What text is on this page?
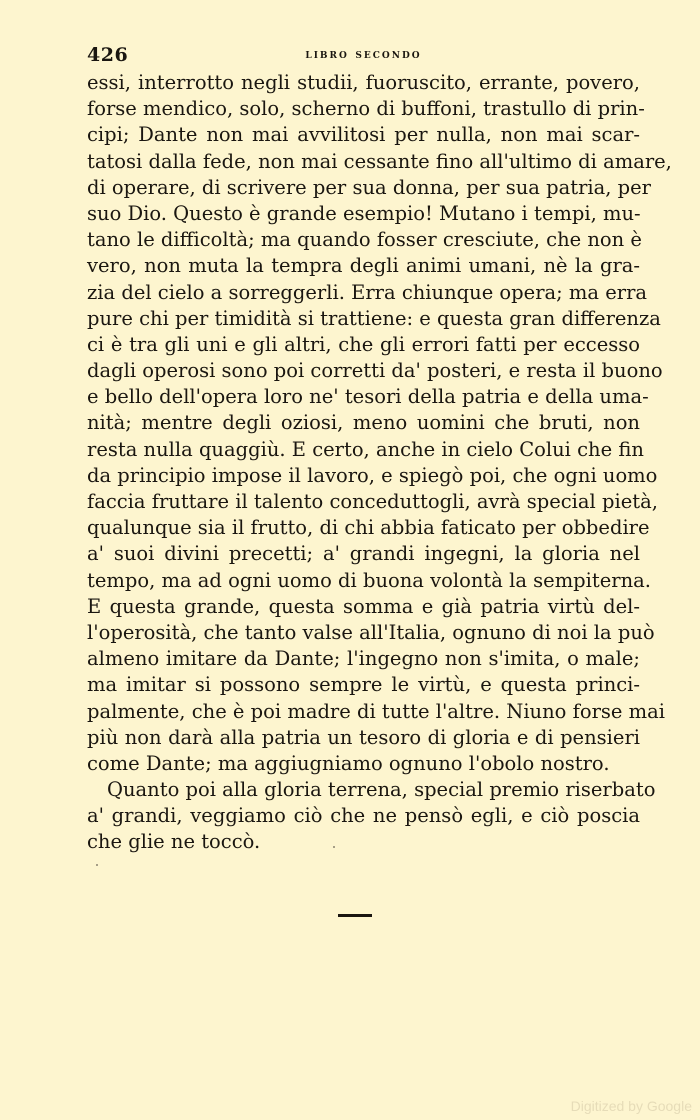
426	libro secondo
essi, interrotto negli studii, fuoruscito, errante, povero,
forse mendico, solo, scherno di buffoni, trastullo di prin-
cipi; Dante non mai avvilitosi per nulla, non mai scar-
tatosi dalla fede, non mai cessante fino all'ultimo di amare,
di operare, di scrivere per sua donna, per sua patria, per
suo Dio. Questo è grande esempio! Mutano i tempi, mu-
tano le difficoltà; ma quando fosser cresciute, che non è
vero, non muta la tempra degli animi umani, nè la gra-
zia del cielo a sorreggerli. Erra chiunque opera; ma erra
pure chi per timidità si trattiene: e questa gran differenza
ci è tra gli uni e gli altri, che gli errori fatti per eccesso
dagli operosi sono poi corretti da' posteri, e resta il buono
e bello dell'opera loro ne' tesori della patria e della uma-
nità; mentre degli oziosi, meno uomini che bruti, non
resta nulla quaggiù. E certo, anche in cielo Colui che fin
da principio impose il lavoro, e spiegò poi, che ogni uomo
faccia fruttare il talento conceduttogli, avrà special pietà,
qualunque sia il frutto, di chi abbia faticato per obbedire
a' suoi divini precetti; a' grandi ingegni, la gloria nel
tempo, ma ad ogni uomo di buona volontà la sempiterna.
E questa grande, questa somma e già patria virtù del-
l'operosità, che tanto valse all'Italia, ognuno di noi la può
almeno imitare da Dante; l'ingegno non s'imita, o male;
ma imitar si possono sempre le virtù, e questa princi-
palmente, che è poi madre di tutte l'altre. Niuno forse mai
più non darà alla patria un tesoro di gloria e di pensieri
come Dante; ma aggiugniamo ognuno l'obolo nostro.
Quanto poi alla gloria terrena, special premio riserbato
a' grandi, veggiamo ciò che ne pensò egli, e ciò poscia
che glie ne toccò.
Digitized by Google
